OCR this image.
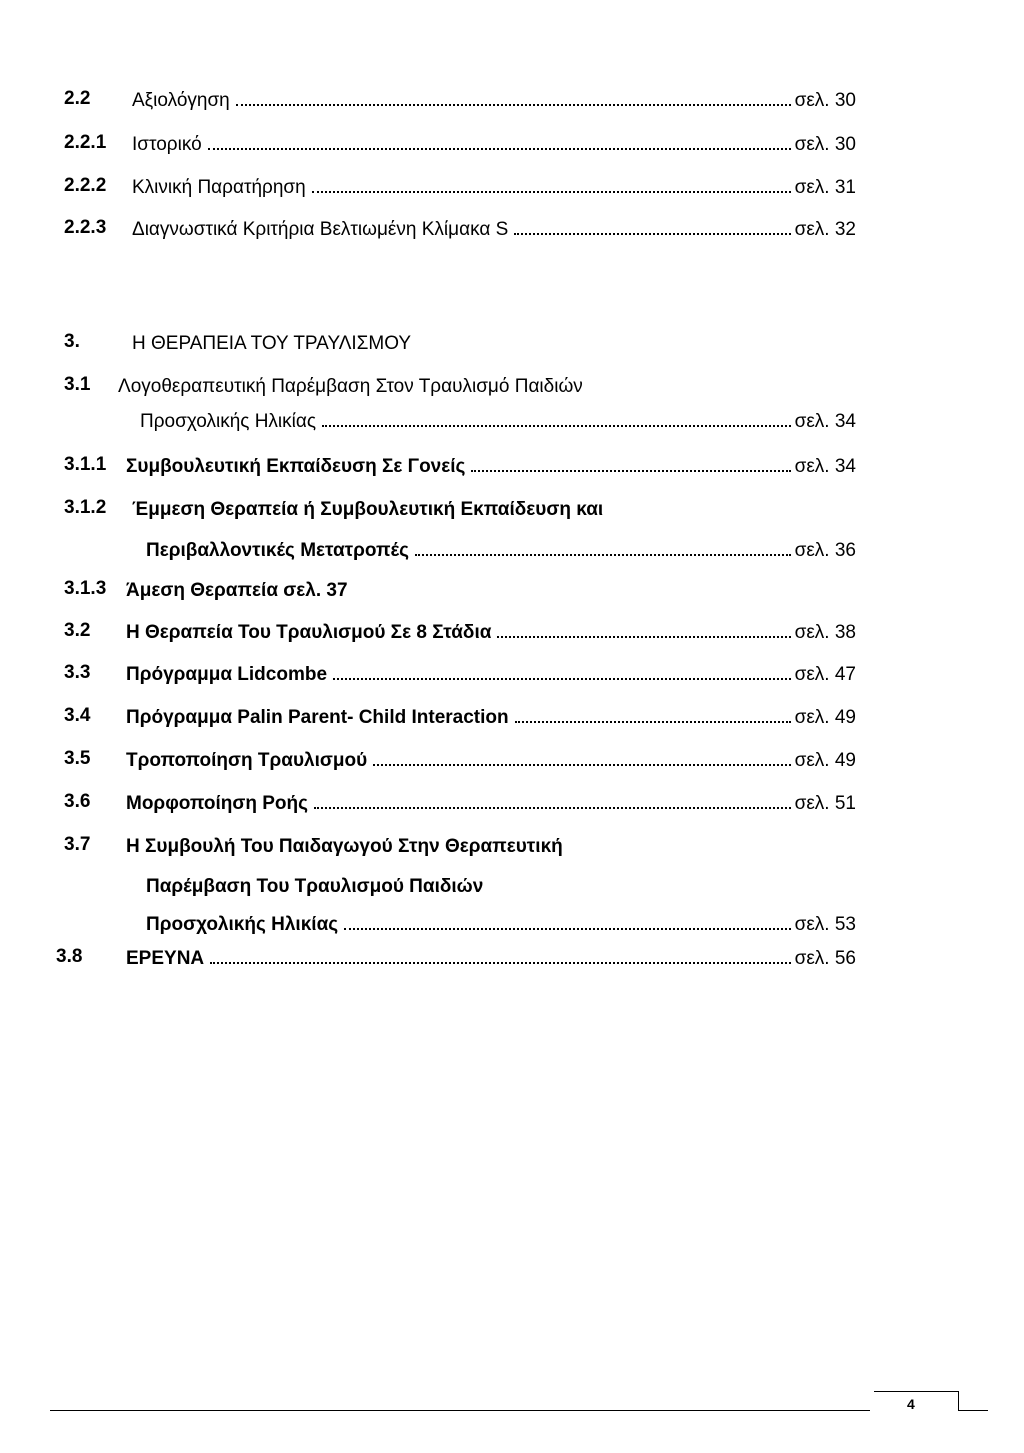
2.2 Αξιολόγηση	σελ. 30
2.2.1 Ιστορικό	σελ. 30
2.2.2 Κλινική Παρατήρηση	σελ. 31
2.2.3 Διαγνωστικά Κριτήρια Βελτιωμένη Κλίμακα S	σελ. 32
3.	Η ΘΕΡΑΠΕΙΑ ΤΟΥ ΤΡΑΥΛΙΣΜΟΥ
3.1 Λογοθεραπευτική Παρέμβαση Στον Τραυλισμό Παιδιών
Προσχολικής Ηλικίας	σελ. 34
3.1.1 Συμβουλευτική Εκπαίδευση Σε Γονείς	σελ. 34
3.1.2 Έμμεση Θεραπεία ή Συμβουλευτική Εκπαίδευση και
Περιβαλλοντικές Μετατροπές	σελ. 36
3.1.3 Άμεση Θεραπεία σελ. 37
3.2 Η Θεραπεία Του Τραυλισμού Σε 8 Στάδια	σελ. 38
3.3 Πρόγραμμα Lidcombe	σελ. 47
3.4 Πρόγραμμα Palin Parent- Child Interaction	σελ. 49
3.5 Τροποποίηση Τραυλισμού	σελ. 49
3.6 Μορφοποίηση Ροής	σελ. 51
3.7 Η Συμβουλή Του Παιδαγωγού Στην Θεραπευτική
Παρέμβαση Του Τραυλισμού Παιδιών
Προσχολικής Ηλικίας	σελ. 53
3.8 ΕΡΕΥΝΑ	σελ. 56
4
